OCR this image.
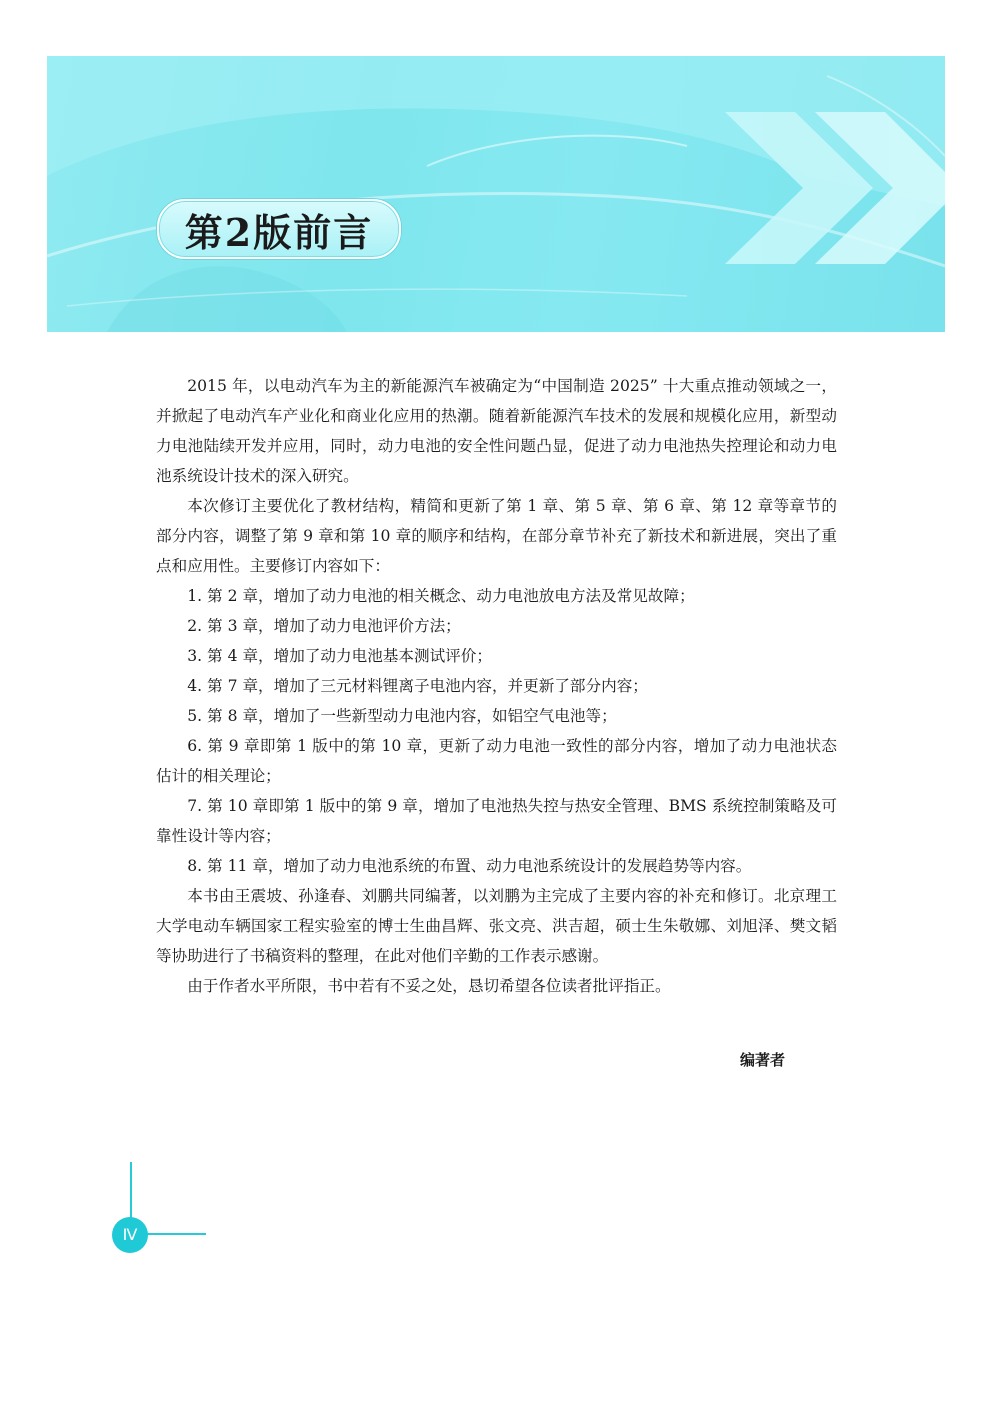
第2版前言

2015 年，以电动汽车为主的新能源汽车被确定为“中国制造 2025” 十大重点推动领域之一，并掀起了电动汽车产业化和商业化应用的热潮。随着新能源汽车技术的发展和规模化应用，新型动力电池陆续开发并应用，同时，动力电池的安全性问题凸显，促进了动力电池热失控理论和动力电池系统设计技术的深入研究。

本次修订主要优化了教材结构，精简和更新了第 1 章、第 5 章、第 6 章、第 12 章等章节的部分内容，调整了第 9 章和第 10 章的顺序和结构，在部分章节补充了新技术和新进展，突出了重点和应用性。主要修订内容如下：

1. 第 2 章，增加了动力电池的相关概念、动力电池放电方法及常见故障；

2. 第 3 章，增加了动力电池评价方法；

3. 第 4 章，增加了动力电池基本测试评价；

4. 第 7 章，增加了三元材料锂离子电池内容，并更新了部分内容；

5. 第 8 章，增加了一些新型动力电池内容，如铝空气电池等；

6. 第 9 章即第 1 版中的第 10 章，更新了动力电池一致性的部分内容，增加了动力电池状态估计的相关理论；

7. 第 10 章即第 1 版中的第 9 章，增加了电池热失控与热安全管理、BMS 系统控制策略及可靠性设计等内容；

8. 第 11 章，增加了动力电池系统的布置、动力电池系统设计的发展趋势等内容。

本书由王震坡、孙逢春、刘鹏共同编著，以刘鹏为主完成了主要内容的补充和修订。北京理工大学电动车辆国家工程实验室的博士生曲昌辉、张文亮、洪吉超，硕士生朱敬娜、刘旭泽、樊文韬等协助进行了书稿资料的整理，在此对他们辛勤的工作表示感谢。

由于作者水平所限，书中若有不妥之处，恳切希望各位读者批评指正。

编著者
Ⅳ
